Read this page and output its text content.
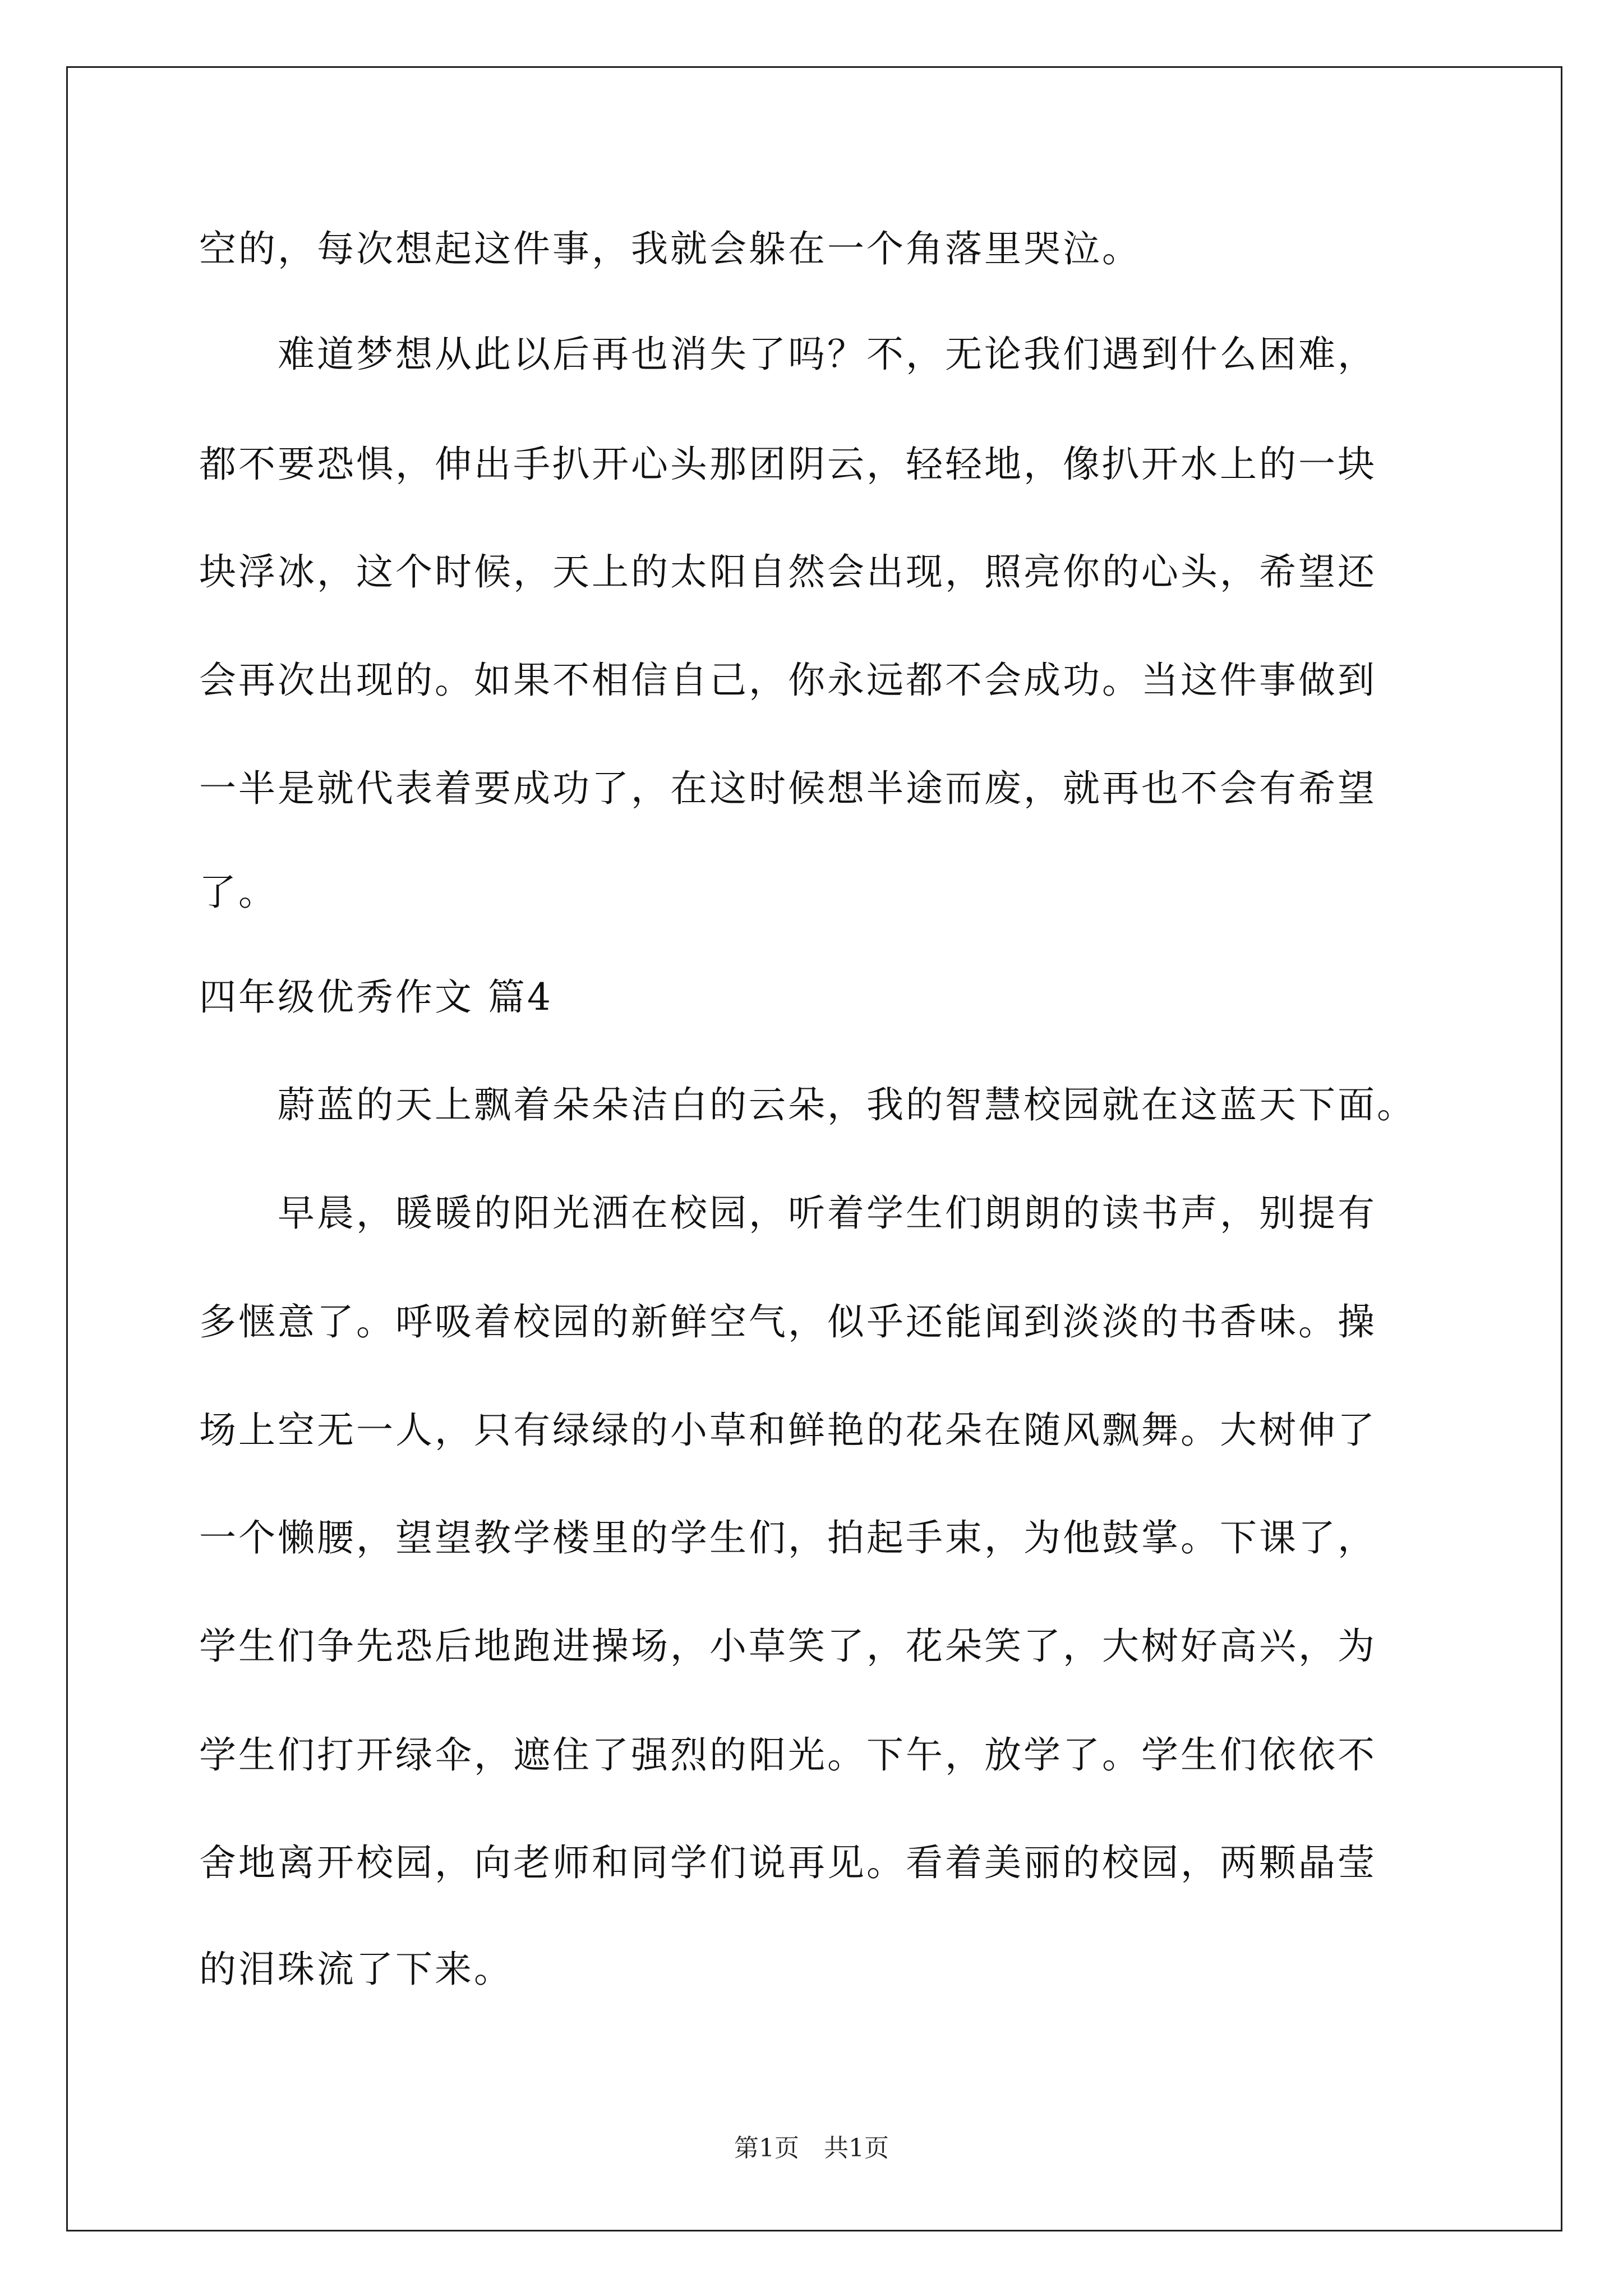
空的，每次想起这件事，我就会躲在一个角落里哭泣。
　　难道梦想从此以后再也消失了吗？不，无论我们遇到什么困难，
都不要恐惧，伸出手扒开心头那团阴云，轻轻地，像扒开水上的一块
块浮冰，这个时候，天上的太阳自然会出现，照亮你的心头，希望还
会再次出现的。如果不相信自己，你永远都不会成功。当这件事做到
一半是就代表着要成功了，在这时候想半途而废，就再也不会有希望
了。
四年级优秀作文 篇4
　　蔚蓝的天上飘着朵朵洁白的云朵，我的智慧校园就在这蓝天下面。
　　早晨，暖暖的阳光洒在校园，听着学生们朗朗的读书声，别提有
多惬意了。呼吸着校园的新鲜空气，似乎还能闻到淡淡的书香味。操
场上空无一人，只有绿绿的小草和鲜艳的花朵在随风飘舞。大树伸了
一个懒腰，望望教学楼里的学生们，拍起手束，为他鼓掌。下课了，
学生们争先恐后地跑进操场，小草笑了，花朵笑了，大树好高兴，为
学生们打开绿伞，遮住了强烈的阳光。下午，放学了。学生们依依不
舍地离开校园，向老师和同学们说再见。看着美丽的校园，两颗晶莹
的泪珠流了下来。
第1页　共1页
